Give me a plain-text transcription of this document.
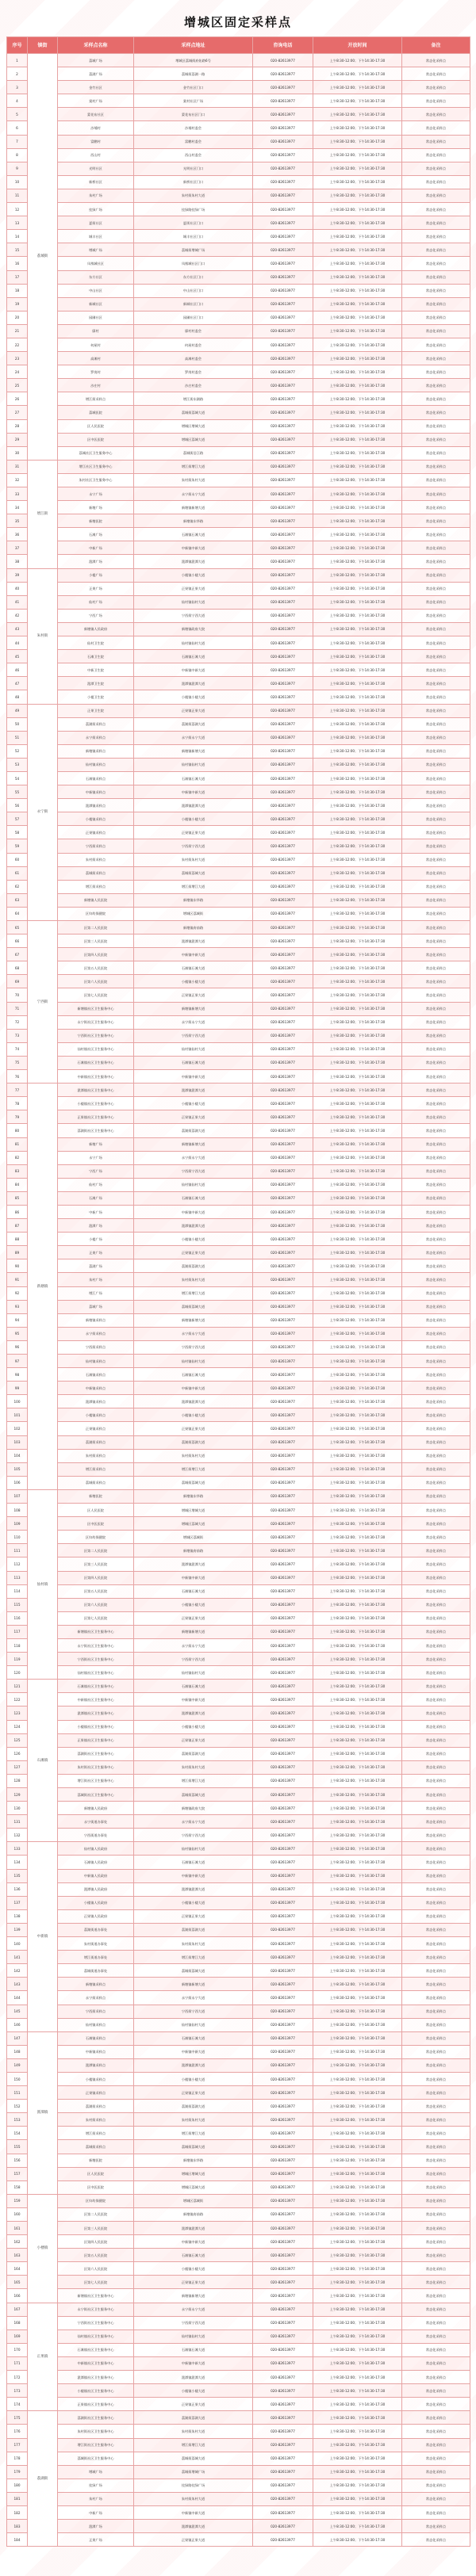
增城区固定采样点
序号	镇街	采样点名称	采样点地址	咨询电话	开放时间	备注
1	荔城街	荔城广场	增城区荔城街府佑路6号	020-82613977	上午8:30-12:00；下午14:30-17:30	常态化采样点
2		荔湖广场	荔城街荔湖一路	020-82613977	上午8:30-12:00；下午14:30-17:30	常态化采样点
3		金竹社区	金竹社区门口	020-82613977	上午8:30-12:00；下午14:30-17:30	常态化采样点
4		棠村广场	棠村社区广场	020-82613977	上午8:30-12:00；下午14:30-17:30	常态化采样点
5		蒙花布社区	蒙花布社区门口	020-82613977	上午8:30-12:00；下午14:30-17:30	常态化采样点
6		沙埔村	沙埔村委会	020-82613977	上午8:30-12:00；下午14:30-17:30	常态化采样点
7		富鹏村	富鹏村委会	020-82613977	上午8:30-12:00；下午14:30-17:30	常态化采样点
8		西山村	西山村委会	020-82613977	上午8:30-12:00；下午14:30-17:30	常态化采样点
9		光明社区	光明社区门口	020-82613977	上午8:30-12:00；下午14:30-17:30	常态化采样点
10		新桥社区	新桥社区门口	020-82613977	上午8:30-12:00；下午14:30-17:30	常态化采样点
11		朱村广场	朱村街朱村大道	020-82613977	上午8:30-12:00；下午14:30-17:30	常态化采样点
12		挂绿广场	挂绿路挂绿广场	020-82613977	上午8:30-12:00；下午14:30-17:30	常态化采样点
13		夏街社区	夏街社区门口	020-82613977	上午8:30-12:00；下午14:30-17:30	常态化采样点
14		城丰社区	城丰社区门口	020-82613977	上午8:30-12:00；下午14:30-17:30	常态化采样点
15		增城广场	荔城街增城广场	020-82613977	上午8:30-12:00；下午14:30-17:30	常态化采样点
16		凤凰城社区	凤凰城社区门口	020-82613977	上午8:30-12:00；下午14:30-17:30	常态化采样点
17		东方社区	东方社区门口	020-82613977	上午8:30-12:00；下午14:30-17:30	常态化采样点
18		中山社区	中山社区门口	020-82613977	上午8:30-12:00；下午14:30-17:30	常态化采样点
19		新城社区	新城社区门口	020-82613977	上午8:30-12:00；下午14:30-17:30	常态化采样点
20		园圃社区	园圃社区门口	020-82613977	上午8:30-12:00；下午14:30-17:30	常态化采样点
21		廖村	廖村村委会	020-82613977	上午8:30-12:00；下午14:30-17:30	常态化采样点
22		何屋村	何屋村委会	020-82613977	上午8:30-12:00；下午14:30-17:30	常态化采样点
23		高滩村	高滩村委会	020-82613977	上午8:30-12:00；下午14:30-17:30	常态化采样点
24		罗岗村	罗岗村委会	020-82613977	上午8:30-12:00；下午14:30-17:30	常态化采样点
25		沙庄村	沙庄村委会	020-82613977	上午8:30-12:00；下午14:30-17:30	常态化采样点
26		增江街采样点	增江街东湖路	020-82613977	上午8:30-12:00；下午14:30-17:30	常态化采样点
27		荔城医院	荔城街荔城大道	020-82613977	上午8:30-12:00；下午14:30-17:30	常态化采样点
28		区人民医院	增城区增城大道	020-82613977	上午8:30-12:00；下午14:30-17:30	常态化采样点
29		区中医医院	增城区荔城大道	020-82613977	上午8:30-12:00；下午14:30-17:30	常态化采样点
30		荔城社区卫生服务中心	荔城街沿江路	020-82613977	上午8:30-12:00；下午14:30-17:30	常态化采样点
31	增江街	增江社区卫生服务中心	增江街增江大道	020-82613977	上午8:30-12:00；下午14:30-17:30	常态化采样点
32		朱村社区卫生服务中心	朱村街朱村大道	020-82613977	上午8:30-12:00；下午14:30-17:30	常态化采样点
33		永宁广场	永宁街永宁大道	020-82613977	上午8:30-12:00；下午14:30-17:30	常态化采样点
34		新塘广场	新塘镇新塘大道	020-82613977	上午8:30-12:00；下午14:30-17:30	常态化采样点
35		新塘医院	新塘镇东华路	020-82613977	上午8:30-12:00；下午14:30-17:30	常态化采样点
36		石滩广场	石滩镇石滩大道	020-82613977	上午8:30-12:00；下午14:30-17:30	常态化采样点
37		中新广场	中新镇中新大道	020-82613977	上午8:30-12:00；下午14:30-17:30	常态化采样点
38		派潭广场	派潭镇派潭大道	020-82613977	上午8:30-12:00；下午14:30-17:30	常态化采样点
39	朱村街	小楼广场	小楼镇小楼大道	020-82613977	上午8:30-12:00；下午14:30-17:30	常态化采样点
40		正果广场	正果镇正果大道	020-82613977	上午8:30-12:00；下午14:30-17:30	常态化采样点
41		仙村广场	仙村镇仙村大道	020-82613977	上午8:30-12:00；下午14:30-17:30	常态化采样点
42		宁西广场	宁西街宁西大道	020-82613977	上午8:30-12:00；下午14:30-17:30	常态化采样点
43		新塘镇人民政府	新塘镇政府大院	020-82613977	上午8:30-12:00；下午14:30-17:30	常态化采样点
44		仙村卫生院	仙村镇仙村大道	020-82613977	上午8:30-12:00；下午14:30-17:30	常态化采样点
45		石滩卫生院	石滩镇石滩大道	020-82613977	上午8:30-12:00；下午14:30-17:30	常态化采样点
46		中新卫生院	中新镇中新大道	020-82613977	上午8:30-12:00；下午14:30-17:30	常态化采样点
47		派潭卫生院	派潭镇派潭大道	020-82613977	上午8:30-12:00；下午14:30-17:30	常态化采样点
48		小楼卫生院	小楼镇小楼大道	020-82613977	上午8:30-12:00；下午14:30-17:30	常态化采样点
49	永宁街	正果卫生院	正果镇正果大道	020-82613977	上午8:30-12:00；下午14:30-17:30	常态化采样点
50		荔湖街采样点	荔湖街荔湖大道	020-82613977	上午8:30-12:00；下午14:30-17:30	常态化采样点
51		永宁街采样点	永宁街永宁大道	020-82613977	上午8:30-12:00；下午14:30-17:30	常态化采样点
52		新塘镇采样点	新塘镇新塘大道	020-82613977	上午8:30-12:00；下午14:30-17:30	常态化采样点
53		仙村镇采样点	仙村镇仙村大道	020-82613977	上午8:30-12:00；下午14:30-17:30	常态化采样点
54		石滩镇采样点	石滩镇石滩大道	020-82613977	上午8:30-12:00；下午14:30-17:30	常态化采样点
55		中新镇采样点	中新镇中新大道	020-82613977	上午8:30-12:00；下午14:30-17:30	常态化采样点
56		派潭镇采样点	派潭镇派潭大道	020-82613977	上午8:30-12:00；下午14:30-17:30	常态化采样点
57		小楼镇采样点	小楼镇小楼大道	020-82613977	上午8:30-12:00；下午14:30-17:30	常态化采样点
58		正果镇采样点	正果镇正果大道	020-82613977	上午8:30-12:00；下午14:30-17:30	常态化采样点
59		宁西街采样点	宁西街宁西大道	020-82613977	上午8:30-12:00；下午14:30-17:30	常态化采样点
60		朱村街采样点	朱村街朱村大道	020-82613977	上午8:30-12:00；下午14:30-17:30	常态化采样点
61		荔城街采样点	荔城街荔城大道	020-82613977	上午8:30-12:00；下午14:30-17:30	常态化采样点
62		增江街采样点	增江街增江大道	020-82613977	上午8:30-12:00；下午14:30-17:30	常态化采样点
63		新塘镇人民医院	新塘镇东华路	020-82613977	上午8:30-12:00；下午14:30-17:30	常态化采样点
64		区妇幼保健院	增城区荔城街	020-82613977	上午8:30-12:00；下午14:30-17:30	常态化采样点
65	宁西街	区第二人民医院	新塘镇府前路	020-82613977	上午8:30-12:00；下午14:30-17:30	常态化采样点
66		区第三人民医院	派潭镇派潭大道	020-82613977	上午8:30-12:00；下午14:30-17:30	常态化采样点
67		区第四人民医院	中新镇中新大道	020-82613977	上午8:30-12:00；下午14:30-17:30	常态化采样点
68		区第五人民医院	石滩镇石滩大道	020-82613977	上午8:30-12:00；下午14:30-17:30	常态化采样点
69		区第六人民医院	小楼镇小楼大道	020-82613977	上午8:30-12:00；下午14:30-17:30	常态化采样点
70		区第七人民医院	正果镇正果大道	020-82613977	上午8:30-12:00；下午14:30-17:30	常态化采样点
71		新塘镇社区卫生服务中心	新塘镇新塘大道	020-82613977	上午8:30-12:00；下午14:30-17:30	常态化采样点
72		永宁街社区卫生服务中心	永宁街永宁大道	020-82613977	上午8:30-12:00；下午14:30-17:30	常态化采样点
73		宁西街社区卫生服务中心	宁西街宁西大道	020-82613977	上午8:30-12:00；下午14:30-17:30	常态化采样点
74		仙村镇社区卫生服务中心	仙村镇仙村大道	020-82613977	上午8:30-12:00；下午14:30-17:30	常态化采样点
75		石滩镇社区卫生服务中心	石滩镇石滩大道	020-82613977	上午8:30-12:00；下午14:30-17:30	常态化采样点
76		中新镇社区卫生服务中心	中新镇中新大道	020-82613977	上午8:30-12:00；下午14:30-17:30	常态化采样点
77	新塘镇	派潭镇社区卫生服务中心	派潭镇派潭大道	020-82613977	上午8:30-12:00；下午14:30-17:30	常态化采样点
78		小楼镇社区卫生服务中心	小楼镇小楼大道	020-82613977	上午8:30-12:00；下午14:30-17:30	常态化采样点
79		正果镇社区卫生服务中心	正果镇正果大道	020-82613977	上午8:30-12:00；下午14:30-17:30	常态化采样点
80		荔湖街社区卫生服务中心	荔湖街荔湖大道	020-82613977	上午8:30-12:00；下午14:30-17:30	常态化采样点
81		新塘广场	新塘镇新塘大道	020-82613977	上午8:30-12:00；下午14:30-17:30	常态化采样点
82		永宁广场	永宁街永宁大道	020-82613977	上午8:30-12:00；下午14:30-17:30	常态化采样点
83		宁西广场	宁西街宁西大道	020-82613977	上午8:30-12:00；下午14:30-17:30	常态化采样点
84		仙村广场	仙村镇仙村大道	020-82613977	上午8:30-12:00；下午14:30-17:30	常态化采样点
85		石滩广场	石滩镇石滩大道	020-82613977	上午8:30-12:00；下午14:30-17:30	常态化采样点
86		中新广场	中新镇中新大道	020-82613977	上午8:30-12:00；下午14:30-17:30	常态化采样点
87		派潭广场	派潭镇派潭大道	020-82613977	上午8:30-12:00；下午14:30-17:30	常态化采样点
88		小楼广场	小楼镇小楼大道	020-82613977	上午8:30-12:00；下午14:30-17:30	常态化采样点
89		正果广场	正果镇正果大道	020-82613977	上午8:30-12:00；下午14:30-17:30	常态化采样点
90		荔湖广场	荔湖街荔湖大道	020-82613977	上午8:30-12:00；下午14:30-17:30	常态化采样点
91		朱村广场	朱村街朱村大道	020-82613977	上午8:30-12:00；下午14:30-17:30	常态化采样点
92		增江广场	增江街增江大道	020-82613977	上午8:30-12:00；下午14:30-17:30	常态化采样点
93		荔城广场	荔城街荔城大道	020-82613977	上午8:30-12:00；下午14:30-17:30	常态化采样点
94		新塘镇采样点	新塘镇新塘大道	020-82613977	上午8:30-12:00；下午14:30-17:30	常态化采样点
95		永宁街采样点	永宁街永宁大道	020-82613977	上午8:30-12:00；下午14:30-17:30	常态化采样点
96		宁西街采样点	宁西街宁西大道	020-82613977	上午8:30-12:00；下午14:30-17:30	常态化采样点
97		仙村镇采样点	仙村镇仙村大道	020-82613977	上午8:30-12:00；下午14:30-17:30	常态化采样点
98		石滩镇采样点	石滩镇石滩大道	020-82613977	上午8:30-12:00；下午14:30-17:30	常态化采样点
99		中新镇采样点	中新镇中新大道	020-82613977	上午8:30-12:00；下午14:30-17:30	常态化采样点
100		派潭镇采样点	派潭镇派潭大道	020-82613977	上午8:30-12:00；下午14:30-17:30	常态化采样点
101		小楼镇采样点	小楼镇小楼大道	020-82613977	上午8:30-12:00；下午14:30-17:30	常态化采样点
102		正果镇采样点	正果镇正果大道	020-82613977	上午8:30-12:00；下午14:30-17:30	常态化采样点
103		荔湖街采样点	荔湖街荔湖大道	020-82613977	上午8:30-12:00；下午14:30-17:30	常态化采样点
104		朱村街采样点	朱村街朱村大道	020-82613977	上午8:30-12:00；下午14:30-17:30	常态化采样点
105		增江街采样点	增江街增江大道	020-82613977	上午8:30-12:00；下午14:30-17:30	常态化采样点
106		荔城街采样点	荔城街荔城大道	020-82613977	上午8:30-12:00；下午14:30-17:30	常态化采样点
107	仙村镇	新塘医院	新塘镇东华路	020-82613977	上午8:30-12:00；下午14:30-17:30	常态化采样点
108		区人民医院	增城区增城大道	020-82613977	上午8:30-12:00；下午14:30-17:30	常态化采样点
109		区中医医院	增城区荔城大道	020-82613977	上午8:30-12:00；下午14:30-17:30	常态化采样点
110		区妇幼保健院	增城区荔城街	020-82613977	上午8:30-12:00；下午14:30-17:30	常态化采样点
111		区第二人民医院	新塘镇府前路	020-82613977	上午8:30-12:00；下午14:30-17:30	常态化采样点
112		区第三人民医院	派潭镇派潭大道	020-82613977	上午8:30-12:00；下午14:30-17:30	常态化采样点
113		区第四人民医院	中新镇中新大道	020-82613977	上午8:30-12:00；下午14:30-17:30	常态化采样点
114		区第五人民医院	石滩镇石滩大道	020-82613977	上午8:30-12:00；下午14:30-17:30	常态化采样点
115		区第六人民医院	小楼镇小楼大道	020-82613977	上午8:30-12:00；下午14:30-17:30	常态化采样点
116		区第七人民医院	正果镇正果大道	020-82613977	上午8:30-12:00；下午14:30-17:30	常态化采样点
117		新塘镇社区卫生服务中心	新塘镇新塘大道	020-82613977	上午8:30-12:00；下午14:30-17:30	常态化采样点
118		永宁街社区卫生服务中心	永宁街永宁大道	020-82613977	上午8:30-12:00；下午14:30-17:30	常态化采样点
119		宁西街社区卫生服务中心	宁西街宁西大道	020-82613977	上午8:30-12:00；下午14:30-17:30	常态化采样点
120		仙村镇社区卫生服务中心	仙村镇仙村大道	020-82613977	上午8:30-12:00；下午14:30-17:30	常态化采样点
121	石滩镇	石滩镇社区卫生服务中心	石滩镇石滩大道	020-82613977	上午8:30-12:00；下午14:30-17:30	常态化采样点
122		中新镇社区卫生服务中心	中新镇中新大道	020-82613977	上午8:30-12:00；下午14:30-17:30	常态化采样点
123		派潭镇社区卫生服务中心	派潭镇派潭大道	020-82613977	上午8:30-12:00；下午14:30-17:30	常态化采样点
124		小楼镇社区卫生服务中心	小楼镇小楼大道	020-82613977	上午8:30-12:00；下午14:30-17:30	常态化采样点
125		正果镇社区卫生服务中心	正果镇正果大道	020-82613977	上午8:30-12:00；下午14:30-17:30	常态化采样点
126		荔湖街社区卫生服务中心	荔湖街荔湖大道	020-82613977	上午8:30-12:00；下午14:30-17:30	常态化采样点
127		朱村街社区卫生服务中心	朱村街朱村大道	020-82613977	上午8:30-12:00；下午14:30-17:30	常态化采样点
128		增江街社区卫生服务中心	增江街增江大道	020-82613977	上午8:30-12:00；下午14:30-17:30	常态化采样点
129		荔城街社区卫生服务中心	荔城街荔城大道	020-82613977	上午8:30-12:00；下午14:30-17:30	常态化采样点
130		新塘镇人民政府	新塘镇政府大院	020-82613977	上午8:30-12:00；下午14:30-17:30	常态化采样点
131		永宁街道办事处	永宁街永宁大道	020-82613977	上午8:30-12:00；下午14:30-17:30	常态化采样点
132		宁西街道办事处	宁西街宁西大道	020-82613977	上午8:30-12:00；下午14:30-17:30	常态化采样点
133	中新镇	仙村镇人民政府	仙村镇仙村大道	020-82613977	上午8:30-12:00；下午14:30-17:30	常态化采样点
134		石滩镇人民政府	石滩镇石滩大道	020-82613977	上午8:30-12:00；下午14:30-17:30	常态化采样点
135		中新镇人民政府	中新镇中新大道	020-82613977	上午8:30-12:00；下午14:30-17:30	常态化采样点
136		派潭镇人民政府	派潭镇派潭大道	020-82613977	上午8:30-12:00；下午14:30-17:30	常态化采样点
137		小楼镇人民政府	小楼镇小楼大道	020-82613977	上午8:30-12:00；下午14:30-17:30	常态化采样点
138		正果镇人民政府	正果镇正果大道	020-82613977	上午8:30-12:00；下午14:30-17:30	常态化采样点
139		荔湖街道办事处	荔湖街荔湖大道	020-82613977	上午8:30-12:00；下午14:30-17:30	常态化采样点
140		朱村街道办事处	朱村街朱村大道	020-82613977	上午8:30-12:00；下午14:30-17:30	常态化采样点
141		增江街道办事处	增江街增江大道	020-82613977	上午8:30-12:00；下午14:30-17:30	常态化采样点
142		荔城街道办事处	荔城街荔城大道	020-82613977	上午8:30-12:00；下午14:30-17:30	常态化采样点
143		新塘镇采样点	新塘镇新塘大道	020-82613977	上午8:30-12:00；下午14:30-17:30	常态化采样点
144		永宁街采样点	永宁街永宁大道	020-82613977	上午8:30-12:00；下午14:30-17:30	常态化采样点
145		宁西街采样点	宁西街宁西大道	020-82613977	上午8:30-12:00；下午14:30-17:30	常态化采样点
146		仙村镇采样点	仙村镇仙村大道	020-82613977	上午8:30-12:00；下午14:30-17:30	常态化采样点
147	派潭镇	石滩镇采样点	石滩镇石滩大道	020-82613977	上午8:30-12:00；下午14:30-17:30	常态化采样点
148		中新镇采样点	中新镇中新大道	020-82613977	上午8:30-12:00；下午14:30-17:30	常态化采样点
149		派潭镇采样点	派潭镇派潭大道	020-82613977	上午8:30-12:00；下午14:30-17:30	常态化采样点
150		小楼镇采样点	小楼镇小楼大道	020-82613977	上午8:30-12:00；下午14:30-17:30	常态化采样点
151		正果镇采样点	正果镇正果大道	020-82613977	上午8:30-12:00；下午14:30-17:30	常态化采样点
152		荔湖街采样点	荔湖街荔湖大道	020-82613977	上午8:30-12:00；下午14:30-17:30	常态化采样点
153		朱村街采样点	朱村街朱村大道	020-82613977	上午8:30-12:00；下午14:30-17:30	常态化采样点
154		增江街采样点	增江街增江大道	020-82613977	上午8:30-12:00；下午14:30-17:30	常态化采样点
155		荔城街采样点	荔城街荔城大道	020-82613977	上午8:30-12:00；下午14:30-17:30	常态化采样点
156		新塘医院	新塘镇东华路	020-82613977	上午8:30-12:00；下午14:30-17:30	常态化采样点
157		区人民医院	增城区增城大道	020-82613977	上午8:30-12:00；下午14:30-17:30	常态化采样点
158		区中医医院	增城区荔城大道	020-82613977	上午8:30-12:00；下午14:30-17:30	常态化采样点
159	小楼镇	区妇幼保健院	增城区荔城街	020-82613977	上午8:30-12:00；下午14:30-17:30	常态化采样点
160		区第二人民医院	新塘镇府前路	020-82613977	上午8:30-12:00；下午14:30-17:30	常态化采样点
161		区第三人民医院	派潭镇派潭大道	020-82613977	上午8:30-12:00；下午14:30-17:30	常态化采样点
162		区第四人民医院	中新镇中新大道	020-82613977	上午8:30-12:00；下午14:30-17:30	常态化采样点
163		区第五人民医院	石滩镇石滩大道	020-82613977	上午8:30-12:00；下午14:30-17:30	常态化采样点
164		区第六人民医院	小楼镇小楼大道	020-82613977	上午8:30-12:00；下午14:30-17:30	常态化采样点
165		区第七人民医院	正果镇正果大道	020-82613977	上午8:30-12:00；下午14:30-17:30	常态化采样点
166		新塘镇社区卫生服务中心	新塘镇新塘大道	020-82613977	上午8:30-12:00；下午14:30-17:30	常态化采样点
167	正果镇	永宁街社区卫生服务中心	永宁街永宁大道	020-82613977	上午8:30-12:00；下午14:30-17:30	常态化采样点
168		宁西街社区卫生服务中心	宁西街宁西大道	020-82613977	上午8:30-12:00；下午14:30-17:30	常态化采样点
169		仙村镇社区卫生服务中心	仙村镇仙村大道	020-82613977	上午8:30-12:00；下午14:30-17:30	常态化采样点
170		石滩镇社区卫生服务中心	石滩镇石滩大道	020-82613977	上午8:30-12:00；下午14:30-17:30	常态化采样点
171		中新镇社区卫生服务中心	中新镇中新大道	020-82613977	上午8:30-12:00；下午14:30-17:30	常态化采样点
172		派潭镇社区卫生服务中心	派潭镇派潭大道	020-82613977	上午8:30-12:00；下午14:30-17:30	常态化采样点
173		小楼镇社区卫生服务中心	小楼镇小楼大道	020-82613977	上午8:30-12:00；下午14:30-17:30	常态化采样点
174		正果镇社区卫生服务中心	正果镇正果大道	020-82613977	上午8:30-12:00；下午14:30-17:30	常态化采样点
175	荔湖街	荔湖街社区卫生服务中心	荔湖街荔湖大道	020-82613977	上午8:30-12:00；下午14:30-17:30	常态化采样点
176		朱村街社区卫生服务中心	朱村街朱村大道	020-82613977	上午8:30-12:00；下午14:30-17:30	常态化采样点
177		增江街社区卫生服务中心	增江街增江大道	020-82613977	上午8:30-12:00；下午14:30-17:30	常态化采样点
178		荔城街社区卫生服务中心	荔城街荔城大道	020-82613977	上午8:30-12:00；下午14:30-17:30	常态化采样点
179		增城广场	荔城街增城广场	020-82613977	上午8:30-12:00；下午14:30-17:30	常态化采样点
180		挂绿广场	挂绿路挂绿广场	020-82613977	上午8:30-12:00；下午14:30-17:30	常态化采样点
181		朱村广场	朱村街朱村大道	020-82613977	上午8:30-12:00；下午14:30-17:30	常态化采样点
182		中新广场	中新镇中新大道	020-82613977	上午8:30-12:00；下午14:30-17:30	常态化采样点
183		派潭广场	派潭镇派潭大道	020-82613977	上午8:30-12:00；下午14:30-17:30	常态化采样点
184		正果广场	正果镇正果大道	020-82613977	上午8:30-12:00；下午14:30-17:30	常态化采样点
